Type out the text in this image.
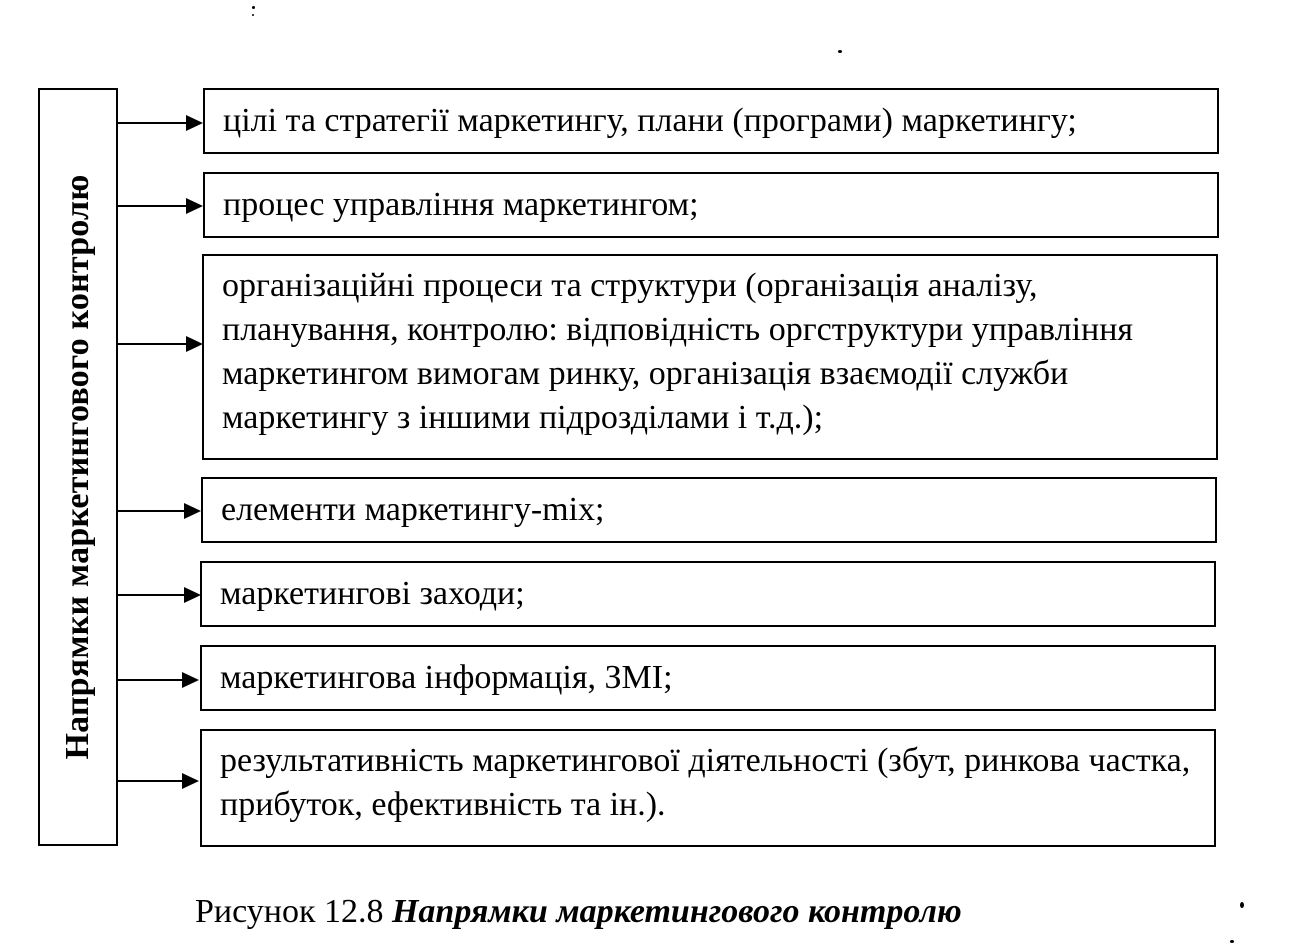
Напрямки маркетингового контролю
цілі та стратегії маркетингу, плани (програми) маркетингу;
процес управління маркетингом;
організаційні процеси та структури (організація аналізу, планування, контролю: відповідність оргструктури управління маркетингом вимогам ринку, організація взаємодії служби маркетингу з іншими підрозділами і т.д.);
елементи маркетингу-mix;
маркетингові заходи;
маркетингова інформація, ЗМІ;
результативність маркетингової діятельності (збут, ринкова частка, прибуток, ефективність та ін.).
Рисунок 12.8 Напрямки маркетингового контролю
